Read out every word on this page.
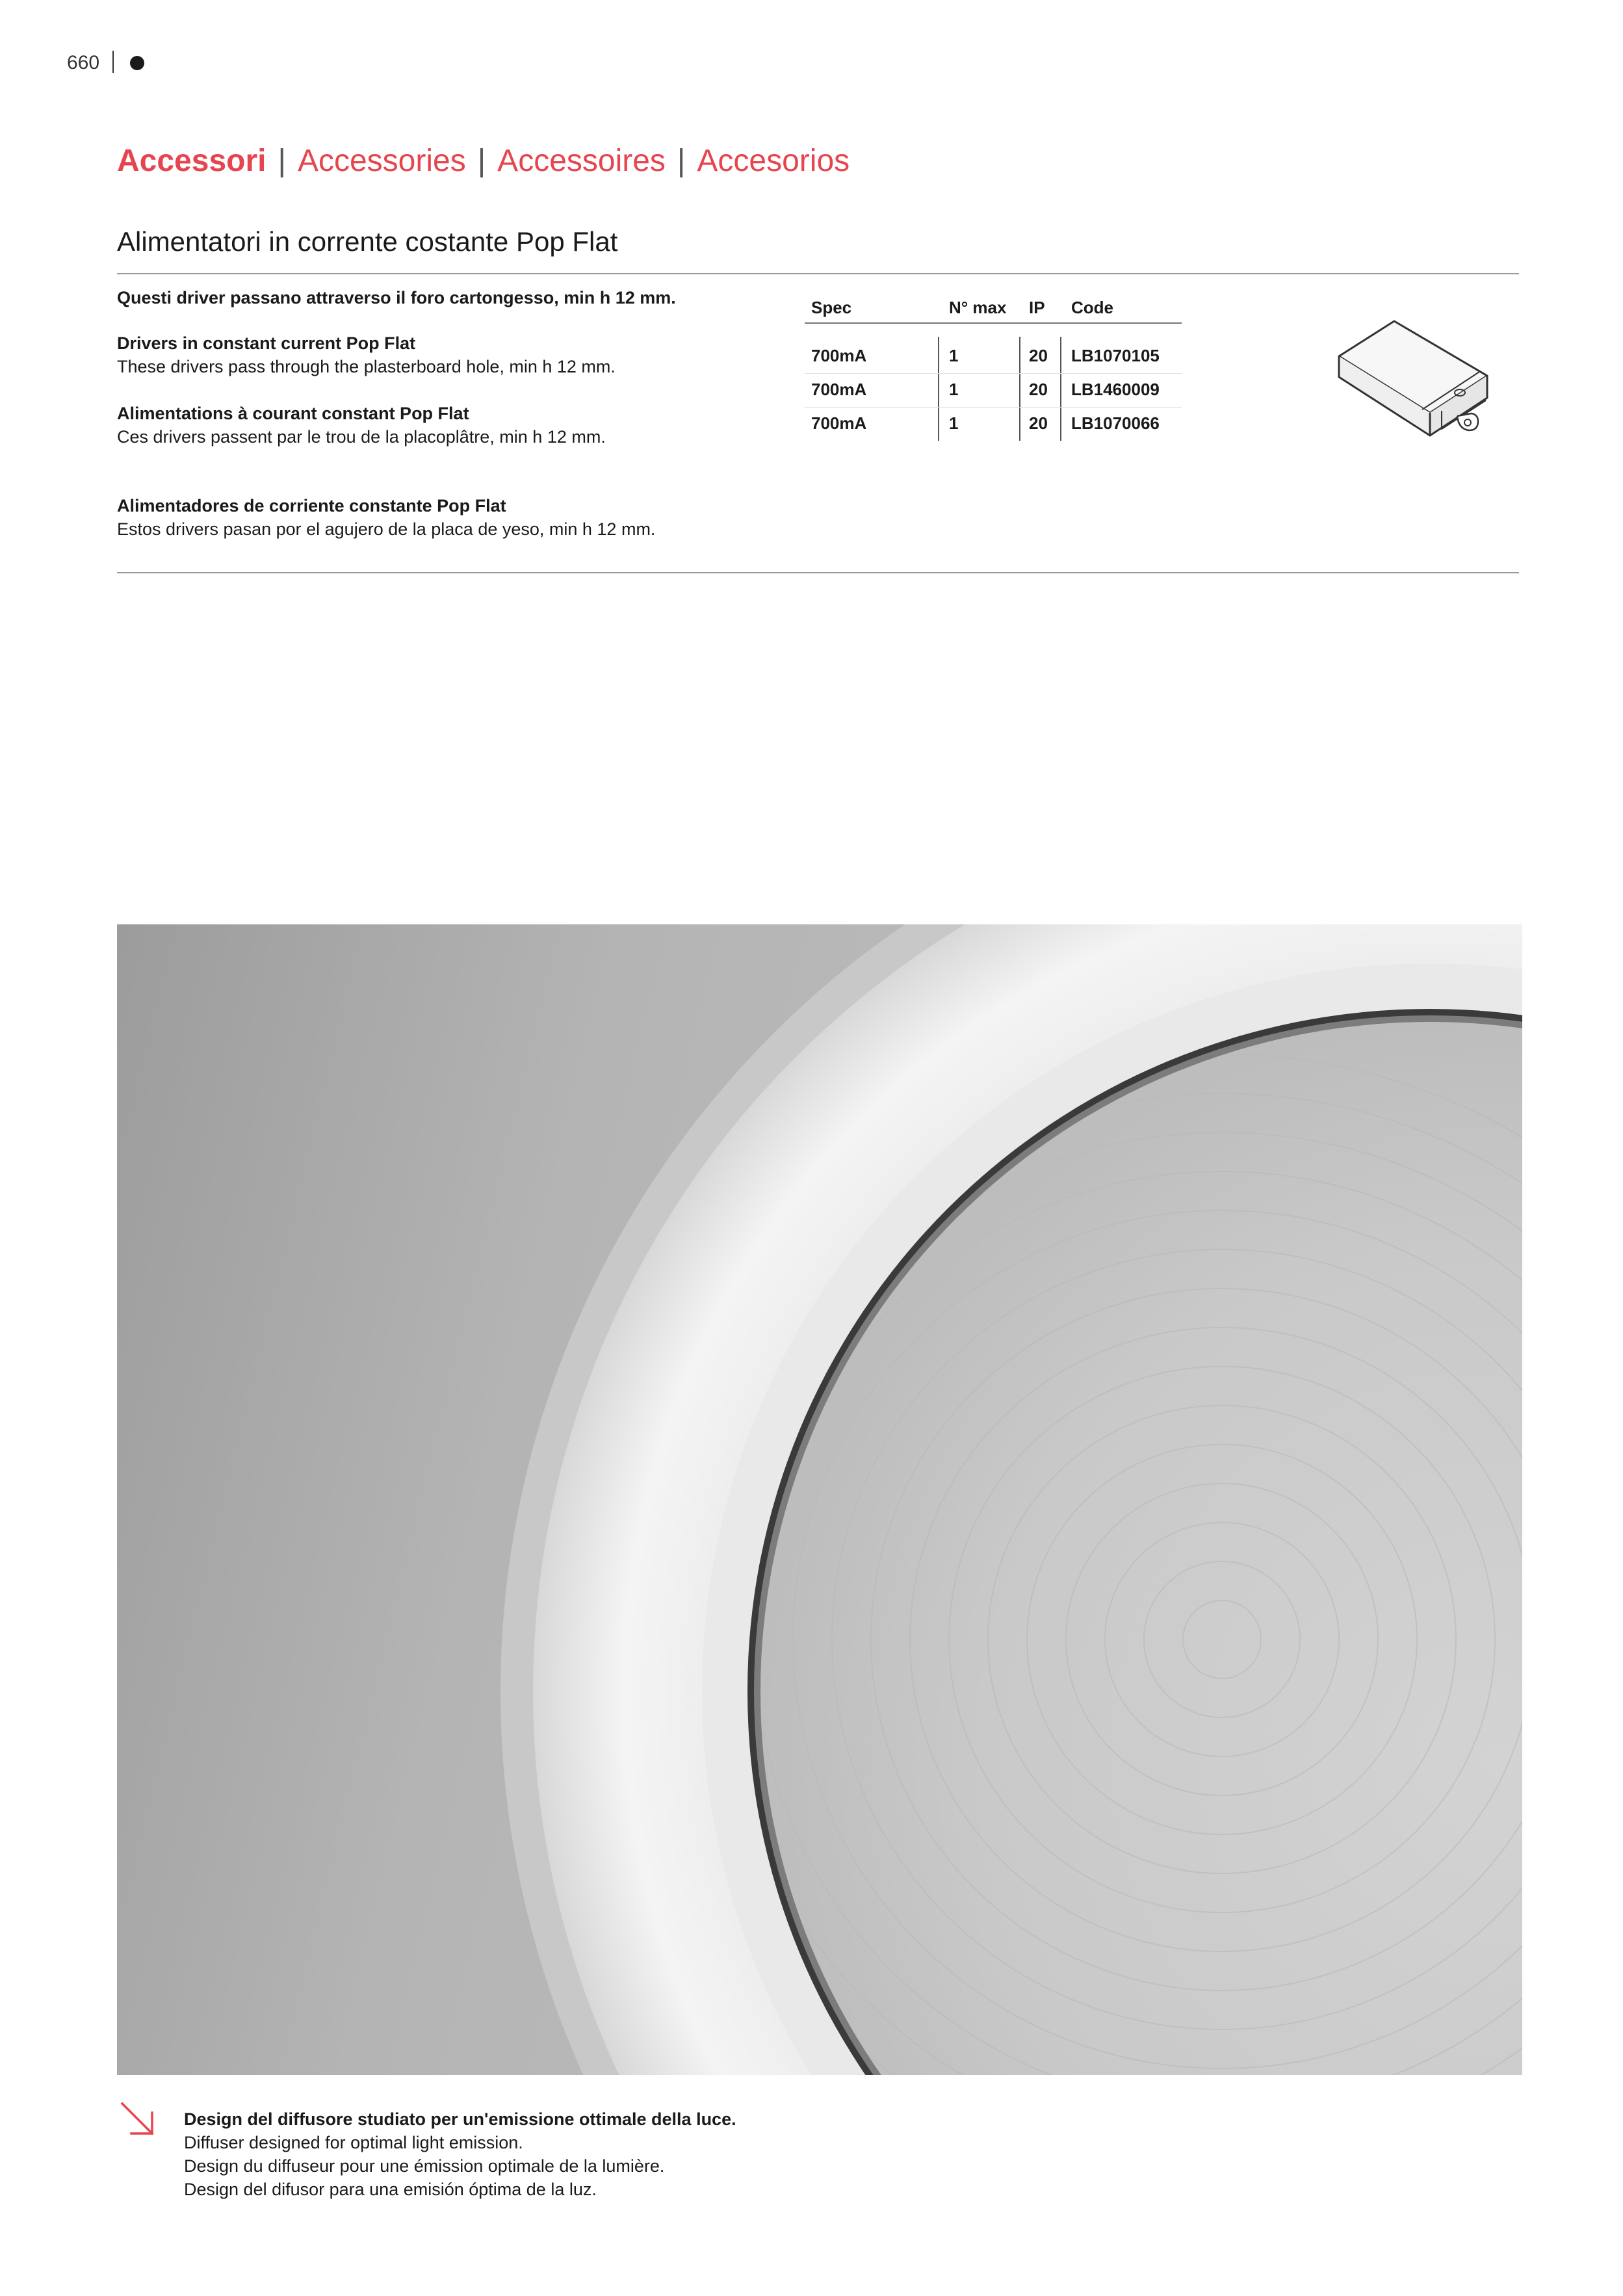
660
Accessori | Accessories | Accessoires | Accesorios
Alimentatori in corrente costante Pop Flat
Questi driver passano attraverso il foro cartongesso, min h 12 mm.
Drivers in constant current Pop Flat
These drivers pass through the plasterboard hole, min h 12 mm.
Alimentations à courant constant Pop Flat
Ces drivers passent par le trou de la placoplâtre, min h 12 mm.
Alimentadores de corriente constante Pop Flat
Estos drivers pasan por el agujero de la placa de yeso, min h 12 mm.
Spec	N° max IP Code
700mA	1	20 LB1070105
700mA	1	20 LB1460009
700mA	1	20 LB1070066
Design del diffusore studiato per un'emissione ottimale della luce.
Diffuser designed for optimal light emission.
Design du diffuseur pour une émission optimale de la lumière.
Design del difusor para una emisión óptima de la luz.
